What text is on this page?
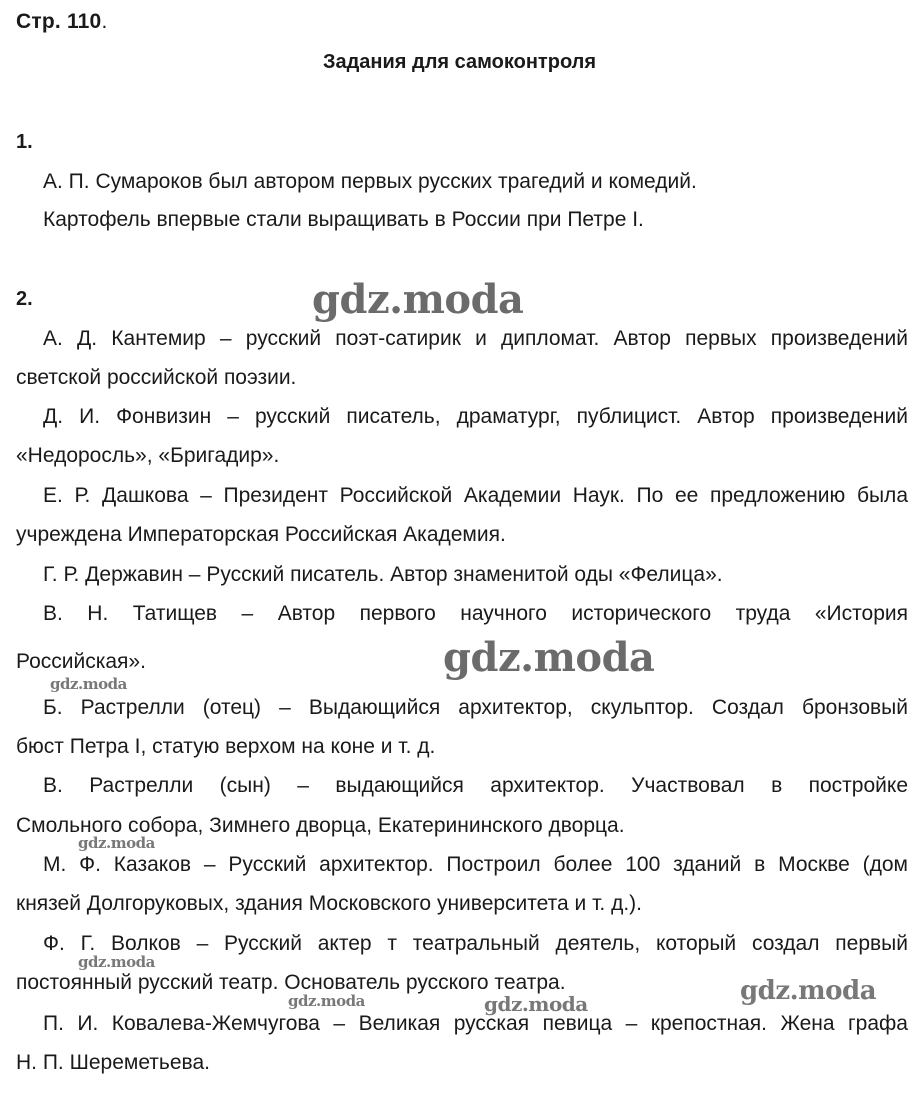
Стр. 110.
Задания для самоконтроля
1.
А. П. Сумароков был автором первых русских трагедий и комедий.
Картофель впервые стали выращивать в России при Петре I.
2.
А. Д. Кантемир – русский поэт-сатирик и дипломат. Автор первых произведений
светской российской поэзии.
Д. И. Фонвизин – русский писатель, драматург, публицист. Автор произведений
«Недоросль», «Бригадир».
Е. Р. Дашкова – Президент Российской Академии Наук. По ее предложению была
учреждена Императорская Российская Академия.
Г. Р. Державин – Русский писатель. Автор знаменитой оды «Фелица».
В. Н. Татищев – Автор первого научного исторического труда «История
Российская».
Б. Растрелли (отец) – Выдающийся архитектор, скульптор. Создал бронзовый
бюст Петра I, статую верхом на коне и т. д.
В. Растрелли (сын) – выдающийся архитектор. Участвовал в постройке
Смольного собора, Зимнего дворца, Екатерининского дворца.
М. Ф. Казаков – Русский архитектор. Построил более 100 зданий в Москве (дом
князей Долгоруковых, здания Московского университета и т. д.).
Ф. Г. Волков – Русский актер т театральный деятель, который создал первый
постоянный русский театр. Основатель русского театра.
П. И. Ковалева-Жемчугова – Великая русская певица – крепостная. Жена графа
Н. П. Шереметьева.
gdz.moda
gdz.moda
gdz.moda
gdz.moda
gdz.moda
gdz.moda	gdz.moda	gdz.moda
